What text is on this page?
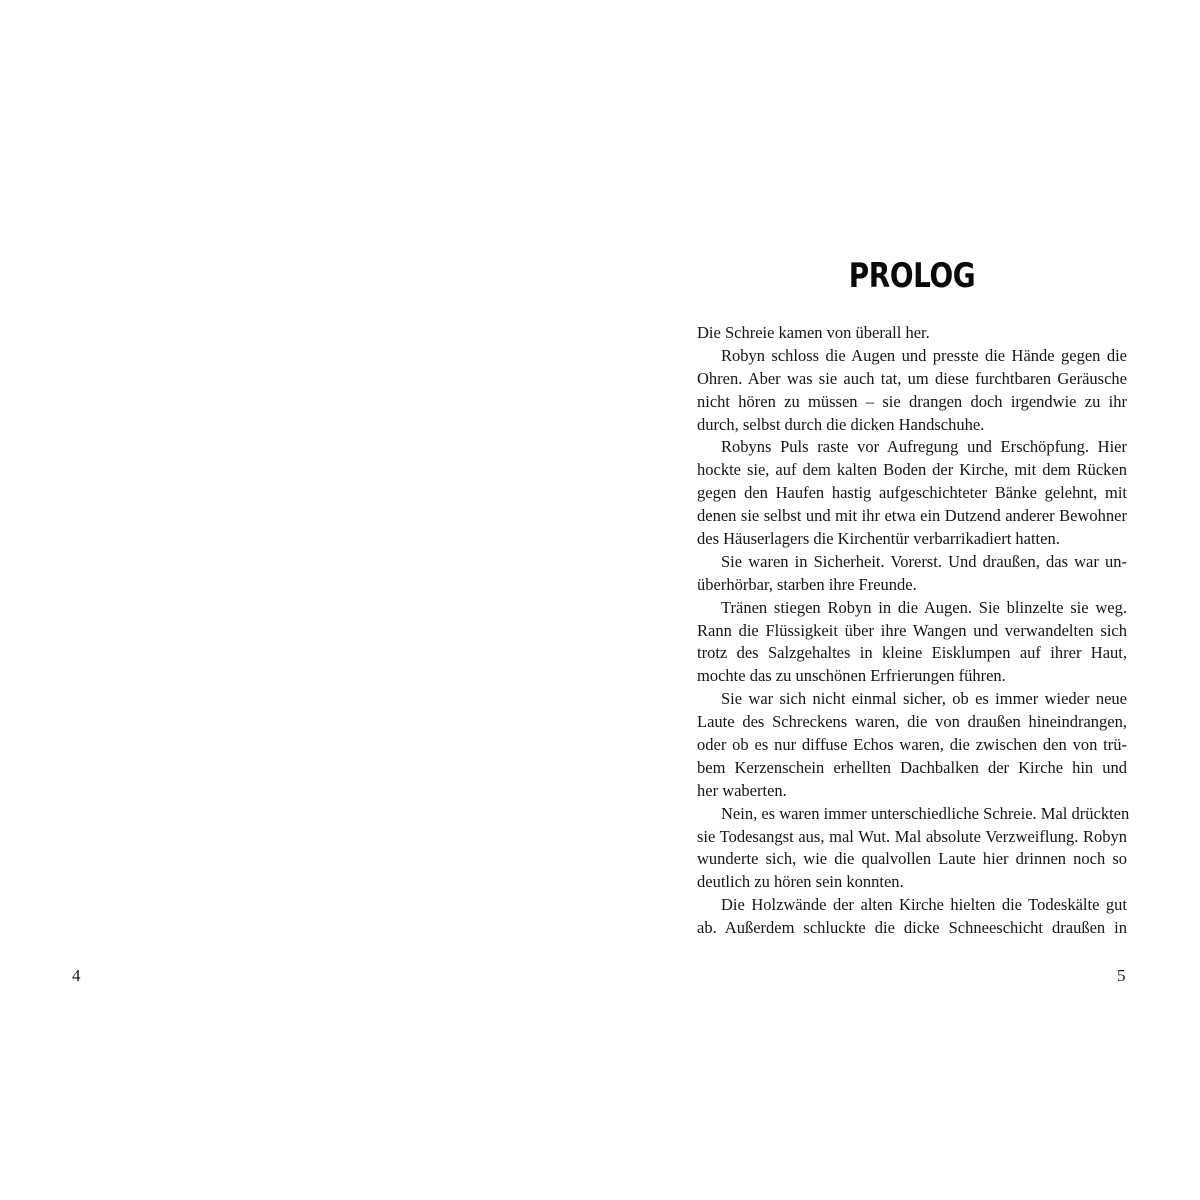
PROLOG
Die Schreie kamen von überall her.
Robyn schloss die Augen und presste die Hände gegen die
Ohren. Aber was sie auch tat, um diese furchtbaren Geräusche
nicht hören zu müssen – sie drangen doch irgendwie zu ihr
durch, selbst durch die dicken Handschuhe.
Robyns Puls raste vor Aufregung und Erschöpfung. Hier
hockte sie, auf dem kalten Boden der Kirche, mit dem Rücken
gegen den Haufen hastig aufgeschichteter Bänke gelehnt, mit
denen sie selbst und mit ihr etwa ein Dutzend anderer Bewohner
des Häuserlagers die Kirchentür verbarrikadiert hatten.
Sie waren in Sicherheit. Vorerst. Und draußen, das war un-
überhörbar, starben ihre Freunde.
Tränen stiegen Robyn in die Augen. Sie blinzelte sie weg.
Rann die Flüssigkeit über ihre Wangen und verwandelten sich
trotz des Salzgehaltes in kleine Eisklumpen auf ihrer Haut,
mochte das zu unschönen Erfrierungen führen.
Sie war sich nicht einmal sicher, ob es immer wieder neue
Laute des Schreckens waren, die von draußen hineindrangen,
oder ob es nur diffuse Echos waren, die zwischen den von trü-
bem Kerzenschein erhellten Dachbalken der Kirche hin und
her waberten.
Nein, es waren immer unterschiedliche Schreie. Mal drückten
sie Todesangst aus, mal Wut. Mal absolute Verzweiflung. Robyn
wunderte sich, wie die qualvollen Laute hier drinnen noch so
deutlich zu hören sein konnten.
Die Holzwände der alten Kirche hielten die Todeskälte gut
ab. Außerdem schluckte die dicke Schneeschicht draußen in
4	5
